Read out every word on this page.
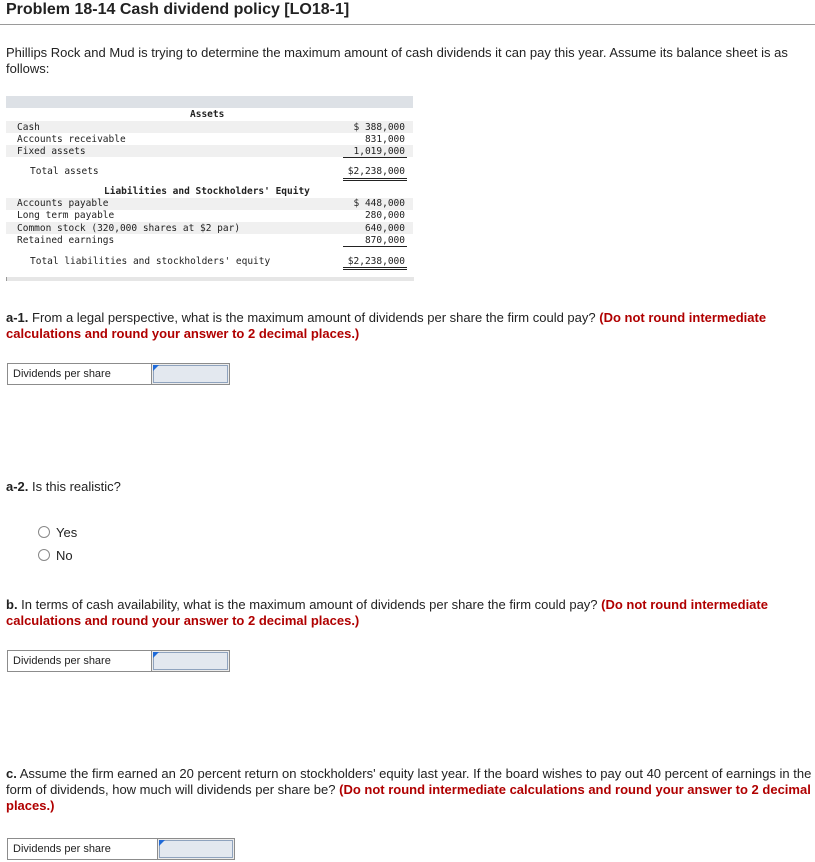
Problem 18-14 Cash dividend policy [LO18-1]
Phillips Rock and Mud is trying to determine the maximum amount of cash dividends it can pay this year. Assume its balance sheet is as follows:
Assets
Cash	$ 388,000
Accounts receivable	831,000
Fixed assets	1,019,000
Total assets	$2,238,000
Liabilities and Stockholders' Equity
Accounts payable	$ 448,000
Long term payable	280,000
Common stock (320,000 shares at $2 par)	640,000
Retained earnings	870,000
Total liabilities and stockholders' equity	$2,238,000
a-1. From a legal perspective, what is the maximum amount of dividends per share the firm could pay? (Do not round intermediate calculations and round your answer to 2 decimal places.)
Dividends per share
a-2. Is this realistic?
Yes
No
b. In terms of cash availability, what is the maximum amount of dividends per share the firm could pay? (Do not round intermediate calculations and round your answer to 2 decimal places.)
Dividends per share
c. Assume the firm earned an 20 percent return on stockholders' equity last year. If the board wishes to pay out 40 percent of earnings in the form of dividends, how much will dividends per share be? (Do not round intermediate calculations and round your answer to 2 decimal places.)
Dividends per share
